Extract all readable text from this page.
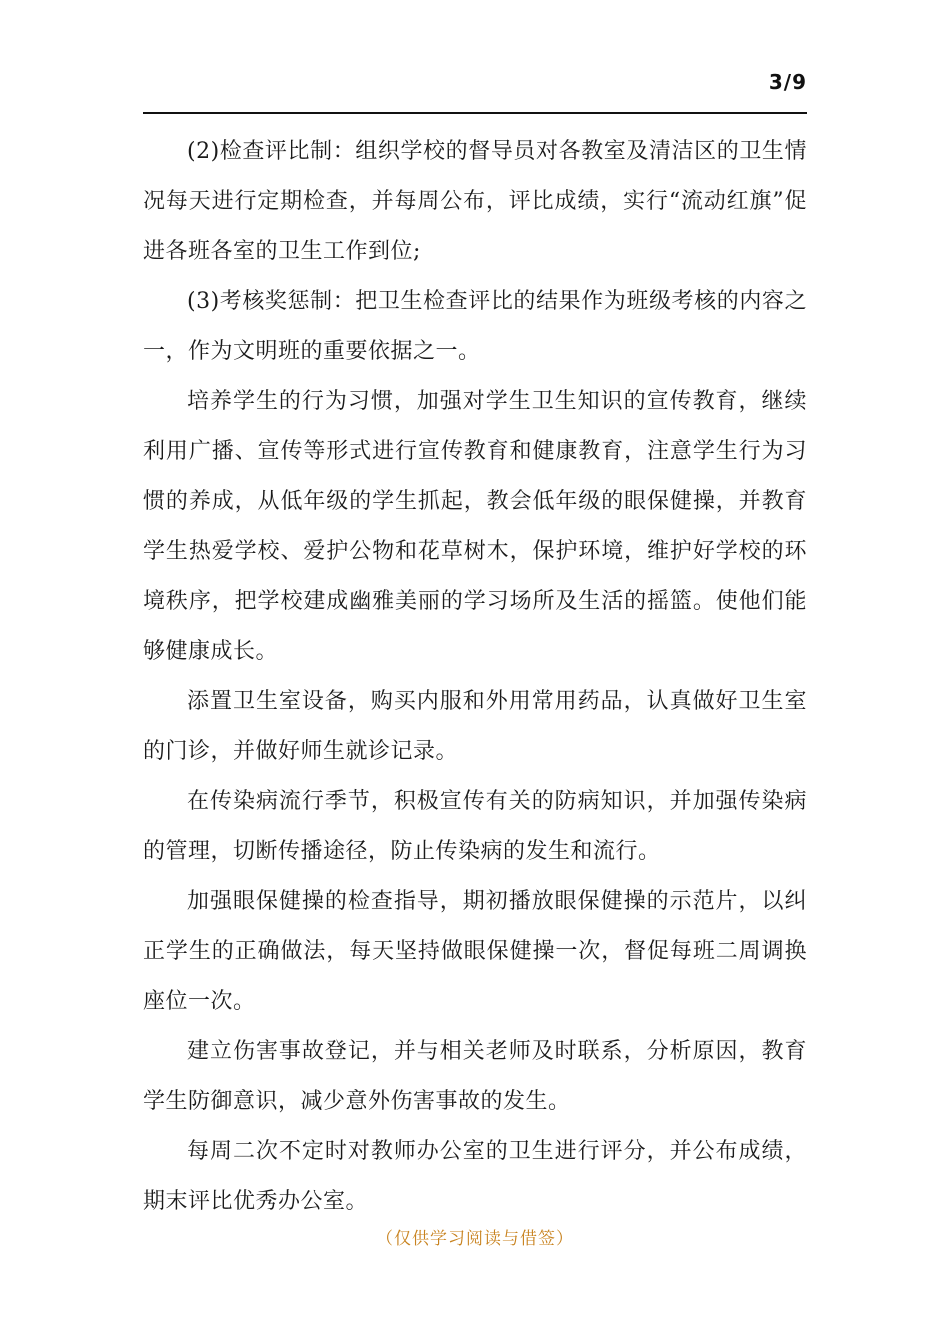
3/9

(2)检查评比制：组织学校的督导员对各教室及清洁区的卫生情况每天进行定期检查，并每周公布，评比成绩，实行“流动红旗”促进各班各室的卫生工作到位;

(3)考核奖惩制：把卫生检查评比的结果作为班级考核的内容之一，作为文明班的重要依据之一。

培养学生的行为习惯，加强对学生卫生知识的宣传教育，继续利用广播、宣传等形式进行宣传教育和健康教育，注意学生行为习惯的养成，从低年级的学生抓起，教会低年级的眼保健操，并教育学生热爱学校、爱护公物和花草树木，保护环境，维护好学校的环境秩序，把学校建成幽雅美丽的学习场所及生活的摇篮。使他们能够健康成长。

添置卫生室设备，购买内服和外用常用药品，认真做好卫生室的门诊，并做好师生就诊记录。

在传染病流行季节，积极宣传有关的防病知识，并加强传染病的管理，切断传播途径，防止传染病的发生和流行。

加强眼保健操的检查指导，期初播放眼保健操的示范片，以纠正学生的正确做法，每天坚持做眼保健操一次，督促每班二周调换座位一次。

建立伤害事故登记，并与相关老师及时联系，分析原因，教育学生防御意识，减少意外伤害事故的发生。

每周二次不定时对教师办公室的卫生进行评分，并公布成绩，期末评比优秀办公室。

（仅供学习阅读与借签）
